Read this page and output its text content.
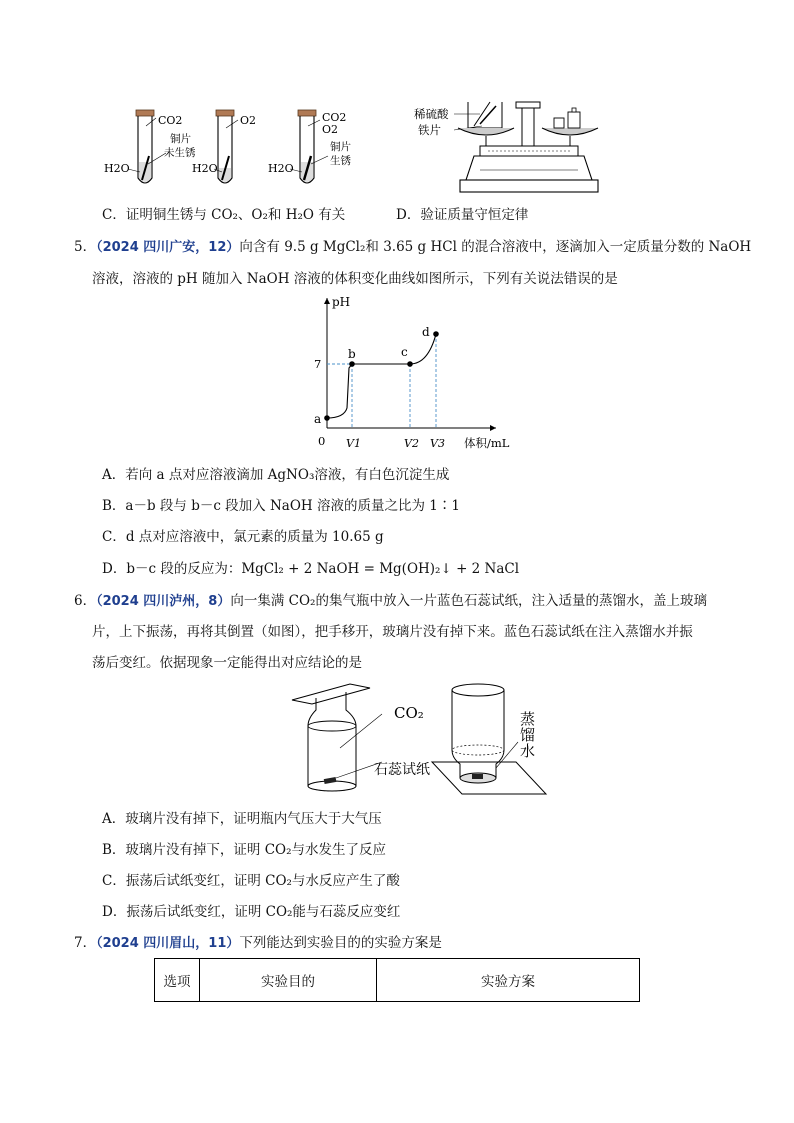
CO2
铜片
未生锈
H2O
O2
H2O
CO2
O2
铜片
生锈
H2O
稀硫酸
铁片
C．证明铜生锈与 CO₂、O₂和 H₂O 有关	D．验证质量守恒定律
5．（2024 四川广安，12）向含有 9.5 g MgCl₂和 3.65 g HCl 的混合溶液中，逐滴加入一定质量分数的 NaOH
溶液，溶液的 pH 随加入 NaOH 溶液的体积变化曲线如图所示，下列有关说法错误的是
pH
体积/mL
0
7
a
b	c
d
V1	V2 V3
A．若向 a 点对应溶液滴加 AgNO₃溶液，有白色沉淀生成
B．a－b 段与 b－c 段加入 NaOH 溶液的质量之比为 1∶1
C．d 点对应溶液中，氯元素的质量为 10.65 g
D．b－c 段的反应为：MgCl₂ + 2 NaOH = Mg(OH)₂↓ + 2 NaCl
6．（2024 四川泸州，8）向一集满 CO₂的集气瓶中放入一片蓝色石蕊试纸，注入适量的蒸馏水，盖上玻璃
片，上下振荡，再将其倒置（如图），把手移开，玻璃片没有掉下来。蓝色石蕊试纸在注入蒸馏水并振
荡后变红。依据现象一定能得出对应结论的是
CO₂
石蕊试纸
蒸
馏
水
A．玻璃片没有掉下，证明瓶内气压大于大气压
B．玻璃片没有掉下，证明 CO₂与水发生了反应
C．振荡后试纸变红，证明 CO₂与水反应产生了酸
D．振荡后试纸变红，证明 CO₂能与石蕊反应变红
7．（2024 四川眉山，11）下列能达到实验目的的实验方案是
选项	实验目的	实验方案
